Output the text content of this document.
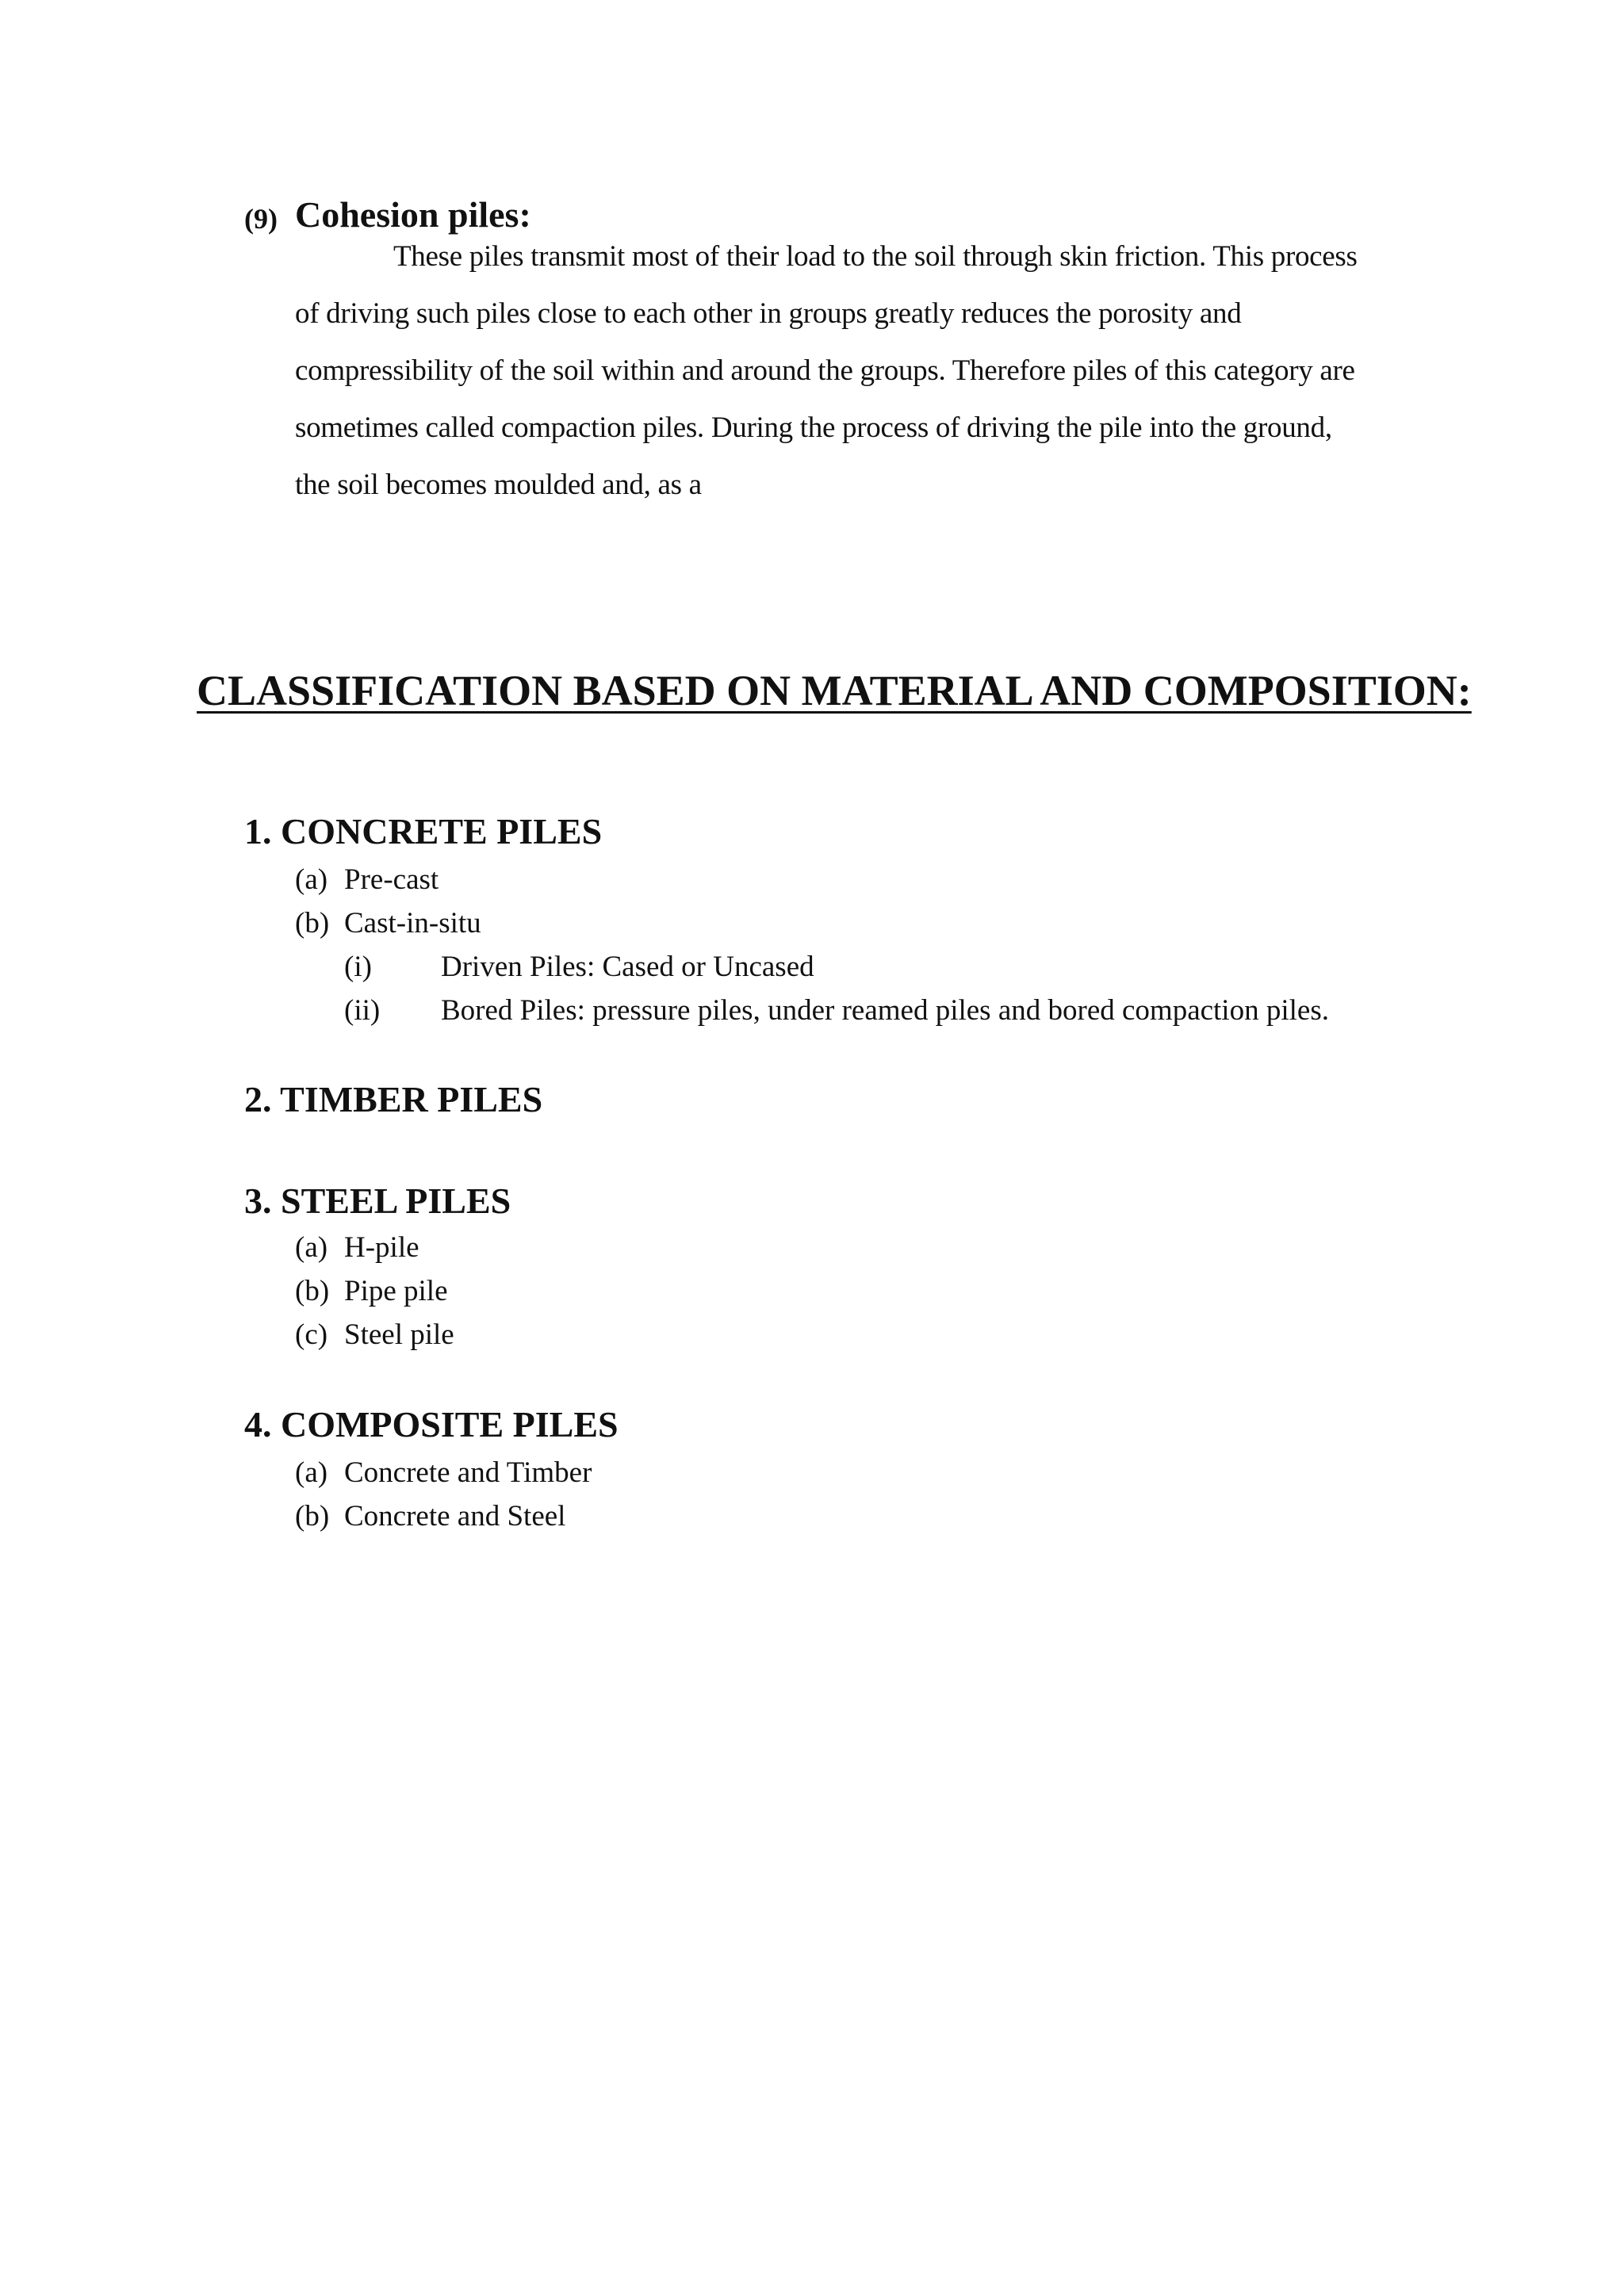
(9) Cohesion piles:
These piles transmit most of their load to the soil through skin friction. This process
of driving such piles close to each other in groups greatly reduces the porosity and
compressibility of the soil within and around the groups. Therefore piles of this category are
sometimes called compaction piles. During the process of driving the pile into the ground,
the soil becomes moulded and, as a
CLASSIFICATION BASED ON MATERIAL AND COMPOSITION:
1. CONCRETE PILES
(a) Pre-cast
(b) Cast-in-situ
(i) Driven Piles: Cased or Uncased
(ii) Bored Piles: pressure piles, under reamed piles and bored compaction piles.
2. TIMBER PILES
3. STEEL PILES
(a) H-pile
(b) Pipe pile
(c) Steel pile
4. COMPOSITE PILES
(a) Concrete and Timber
(b) Concrete and Steel
